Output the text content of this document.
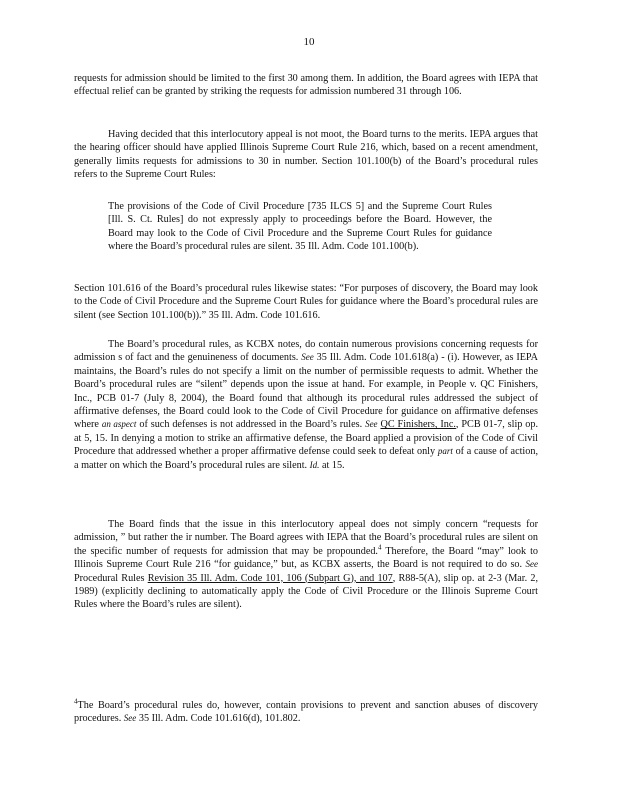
10

requests for admission should be limited to the first 30 among them. In addition, the Board agrees with IEPA that effectual relief can be granted by striking the requests for admission numbered 31 through 106.

Having decided that this interlocutory appeal is not moot, the Board turns to the merits. IEPA argues that the hearing officer should have applied Illinois Supreme Court Rule 216, which, based on a recent amendment, generally limits requests for admissions to 30 in number. Section 101.100(b) of the Board’s procedural rules refers to the Supreme Court Rules:

The provisions of the Code of Civil Procedure [735 ILCS 5] and the Supreme Court Rules [Ill. S. Ct. Rules] do not expressly apply to proceedings before the Board. However, the Board may look to the Code of Civil Procedure and the Supreme Court Rules for guidance where the Board’s procedural rules are silent. 35 Ill. Adm. Code 101.100(b).

Section 101.616 of the Board’s procedural rules likewise states: “For purposes of discovery, the Board may look to the Code of Civil Procedure and the Supreme Court Rules for guidance where the Board’s procedural rules are silent (see Section 101.100(b)).” 35 Ill. Adm. Code 101.616.

The Board’s procedural rules, as KCBX notes, do contain numerous provisions concerning requests for admission s of fact and the genuineness of documents. See 35 Ill. Adm. Code 101.618(a) - (i). However, as IEPA maintains, the Board’s rules do not specify a limit on the number of permissible requests to admit. Whether the Board’s procedural rules are “silent” depends upon the issue at hand. For example, in People v. QC Finishers, Inc., PCB 01-7 (July 8, 2004), the Board found that although its procedural rules addressed the subject of affirmative defenses, the Board could look to the Code of Civil Procedure for guidance on affirmative defenses where an aspect of such defenses is not addressed in the Board’s rules. See QC Finishers, Inc., PCB 01-7, slip op. at 5, 15. In denying a motion to strike an affirmative defense, the Board applied a provision of the Code of Civil Procedure that addressed whether a proper affirmative defense could seek to defeat only part of a cause of action, a matter on which the Board’s procedural rules are silent. Id. at 15.

The Board finds that the issue in this interlocutory appeal does not simply concern “requests for admission, ” but rather the ir number. The Board agrees with IEPA that the Board’s procedural rules are silent on the specific number of requests for admission that may be propounded.$^4$ Therefore, the Board “may” look to Illinois Supreme Court Rule 216 “for guidance,” but, as KCBX asserts, the Board is not required to do so. See Procedural Rules Revision 35 Ill. Adm. Code 101, 106 (Subpart G), and 107, R88-5(A), slip op. at 2-3 (Mar. 2, 1989) (explicitly declining to automatically apply the Code of Civil Procedure or the Illinois Supreme Court Rules where the Board’s rules are silent).

$^4$The Board’s procedural rules do, however, contain provisions to prevent and sanction abuses of discovery procedures. See 35 Ill. Adm. Code 101.616(d), 101.802.
